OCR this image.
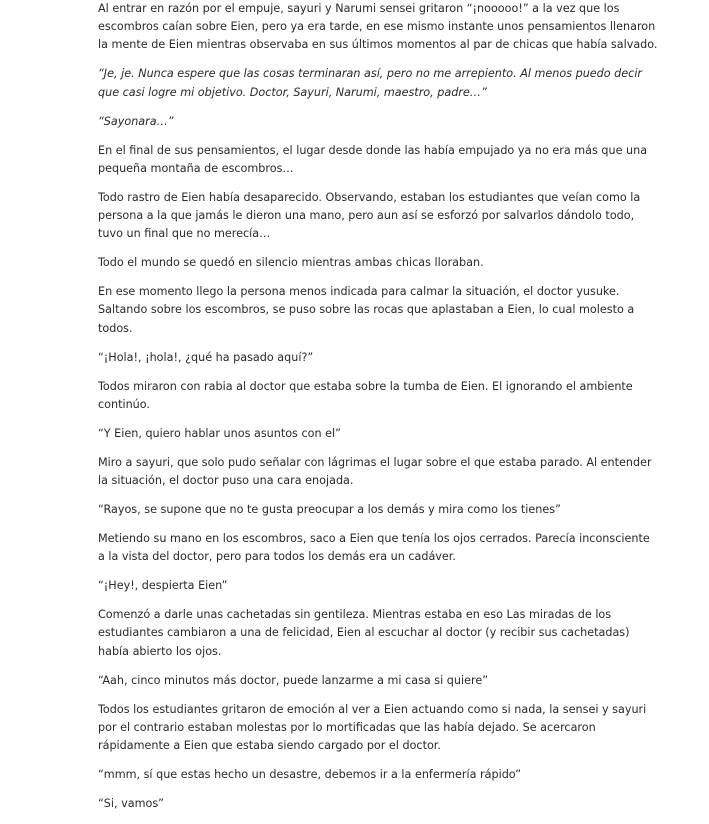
Al entrar en razón por el empuje, sayuri y Narumi sensei gritaron “¡nooooo!” a la vez que los

escombros caían sobre Eien, pero ya era tarde, en ese mismo instante unos pensamientos llenaron

la mente de Eien mientras observaba en sus últimos momentos al par de chicas que había salvado.

“Je, je. Nunca espere que las cosas terminaran así, pero no me arrepiento. Al menos puedo decir

que casi logre mi objetivo. Doctor, Sayuri, Narumi, maestro, padre…”

“Sayonara…”

En el final de sus pensamientos, el lugar desde donde las había empujado ya no era más que una

pequeña montaña de escombros…

Todo rastro de Eien había desaparecido. Observando, estaban los estudiantes que veían como la

persona a la que jamás le dieron una mano, pero aun así se esforzó por salvarlos dándolo todo,

tuvo un final que no merecía…

Todo el mundo se quedó en silencio mientras ambas chicas lloraban.

En ese momento llego la persona menos indicada para calmar la situación, el doctor yusuke.

Saltando sobre los escombros, se puso sobre las rocas que aplastaban a Eien, lo cual molesto a

todos.

“¡Hola!, ¡hola!, ¿qué ha pasado aquí?”

Todos miraron con rabia al doctor que estaba sobre la tumba de Eien. El ignorando el ambiente

continúo.

“Y Eien, quiero hablar unos asuntos con el”

Miro a sayuri, que solo pudo señalar con lágrimas el lugar sobre el que estaba parado. Al entender

la situación, el doctor puso una cara enojada.

“Rayos, se supone que no te gusta preocupar a los demás y mira como los tienes”

Metiendo su mano en los escombros, saco a Eien que tenía los ojos cerrados. Parecía inconsciente

a la vista del doctor, pero para todos los demás era un cadáver.

“¡Hey!, despierta Eien”

Comenzó a darle unas cachetadas sin gentileza. Mientras estaba en eso Las miradas de los

estudiantes cambiaron a una de felicidad, Eien al escuchar al doctor (y recibir sus cachetadas)

había abierto los ojos.

“Aah, cinco minutos más doctor, puede lanzarme a mi casa si quiere”

Todos los estudiantes gritaron de emoción al ver a Eien actuando como si nada, la sensei y sayuri

por el contrario estaban molestas por lo mortificadas que las había dejado. Se acercaron

rápidamente a Eien que estaba siendo cargado por el doctor.

“mmm, sí que estas hecho un desastre, debemos ir a la enfermería rápido”

“Si, vamos”
